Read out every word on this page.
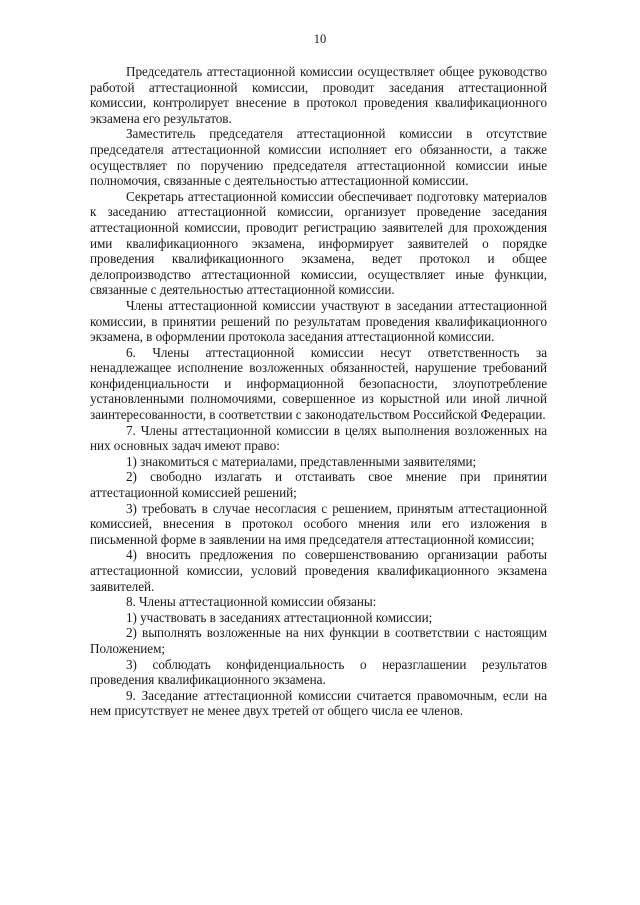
10

Председатель аттестационной комиссии осуществляет общее руководство работой аттестационной комиссии, проводит заседания аттестационной комиссии, контролирует внесение в протокол проведения квалификационного экзамена его результатов.

Заместитель председателя аттестационной комиссии в отсутствие председателя аттестационной комиссии исполняет его обязанности, а также осуществляет по поручению председателя аттестационной комиссии иные полномочия, связанные с деятельностью аттестационной комиссии.

Секретарь аттестационной комиссии обеспечивает подготовку материалов к заседанию аттестационной комиссии, организует проведение заседания аттестационной комиссии, проводит регистрацию заявителей для прохождения ими квалификационного экзамена, информирует заявителей о порядке проведения квалификационного экзамена, ведет протокол и общее делопроизводство аттестационной комиссии, осуществляет иные функции, связанные с деятельностью аттестационной комиссии.

Члены аттестационной комиссии участвуют в заседании аттестационной комиссии, в принятии решений по результатам проведения квалификационного экзамена, в оформлении протокола заседания аттестационной комиссии.

6. Члены аттестационной комиссии несут ответственность за ненадлежащее исполнение возложенных обязанностей, нарушение требований конфиденциальности и информационной безопасности, злоупотребление установленными полномочиями, совершенное из корыстной или иной личной заинтересованности, в соответствии с законодательством Российской Федерации.

7. Члены аттестационной комиссии в целях выполнения возложенных на них основных задач имеют право:

1) знакомиться с материалами, представленными заявителями;

2) свободно излагать и отстаивать свое мнение при принятии аттестационной комиссией решений;

3) требовать в случае несогласия с решением, принятым аттестационной комиссией, внесения в протокол особого мнения или его изложения в письменной форме в заявлении на имя председателя аттестационной комиссии;

4) вносить предложения по совершенствованию организации работы аттестационной комиссии, условий проведения квалификационного экзамена заявителей.

8. Члены аттестационной комиссии обязаны:

1) участвовать в заседаниях аттестационной комиссии;

2) выполнять возложенные на них функции в соответствии с настоящим Положением;

3) соблюдать конфиденциальность о неразглашении результатов проведения квалификационного экзамена.

9. Заседание аттестационной комиссии считается правомочным, если на нем присутствует не менее двух третей от общего числа ее членов.
